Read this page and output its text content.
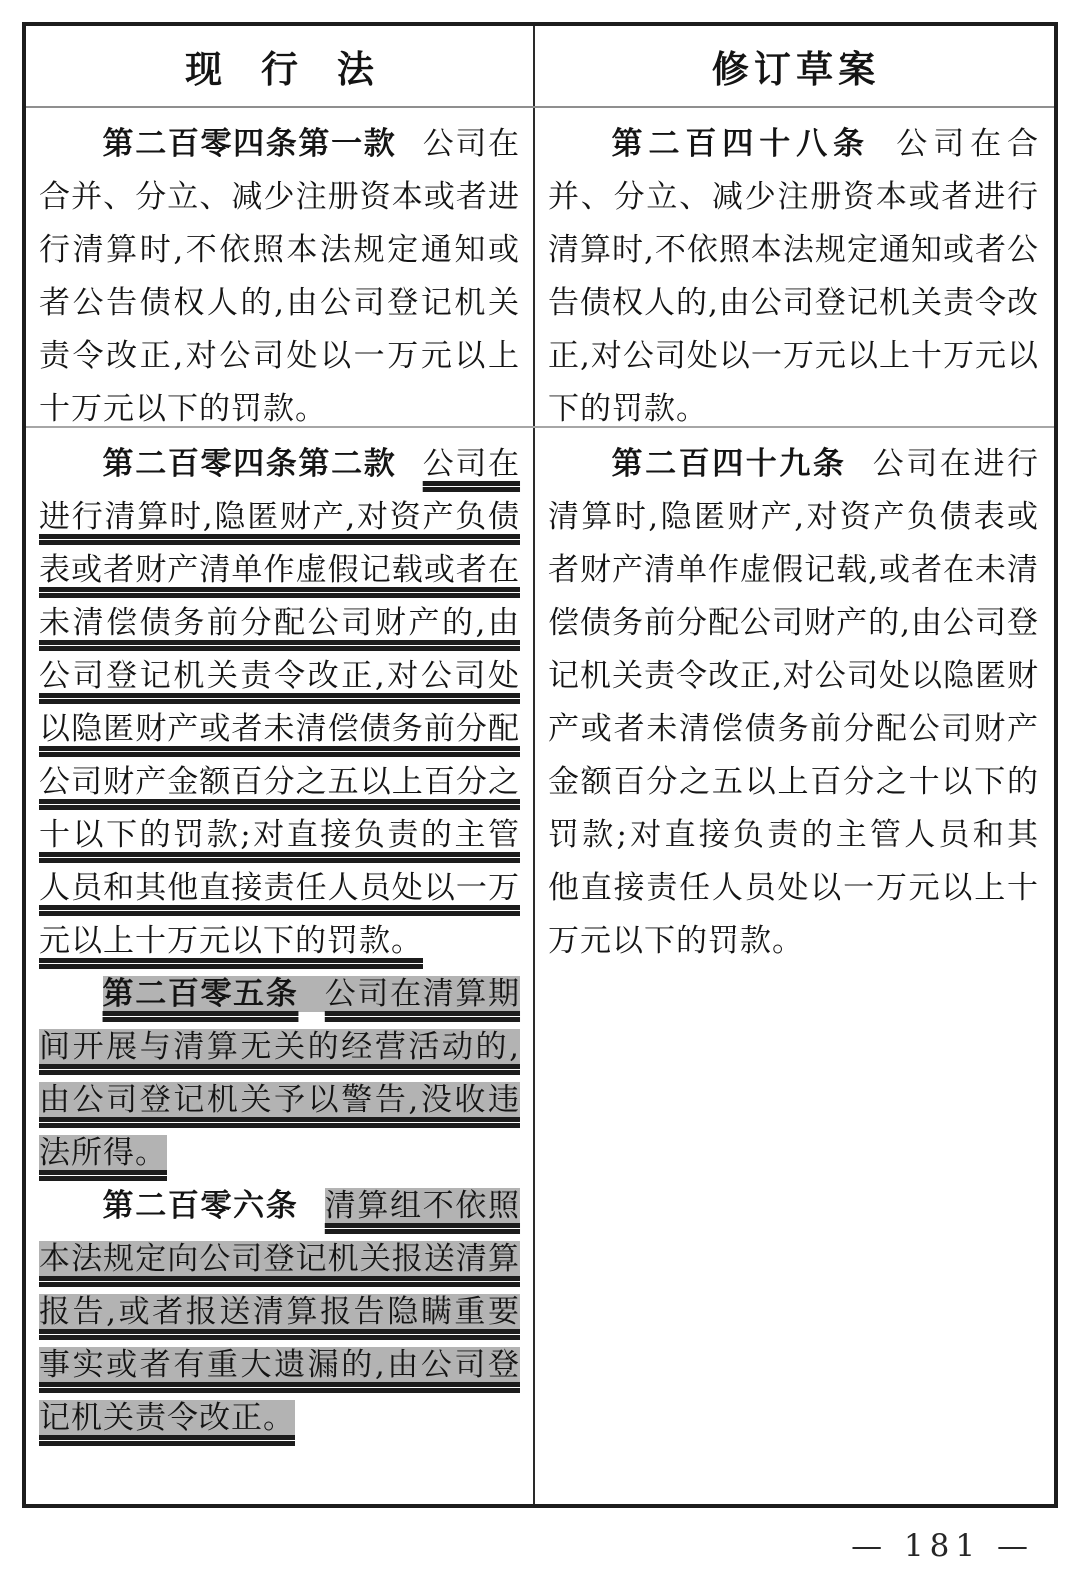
现行法	修订草案

第二百零四条第一款 公司在合并、分立、减少注册资本或者进行清算时,不依照本法规定通知或者公告债权人的,由公司登记机关责令改正,对公司处以一万元以上十万元以下的罚款。

第二百四十八条 公司在合并、分立、减少注册资本或者进行清算时,不依照本法规定通知或者公告债权人的,由公司登记机关责令改正,对公司处以一万元以上十万元以下的罚款。

第二百零四条第二款 公司在进行清算时,隐匿财产,对资产负债表或者财产清单作虚假记载或者在未清偿债务前分配公司财产的,由公司登记机关责令改正,对公司处以隐匿财产或者未清偿债务前分配公司财产金额百分之五以上百分之十以下的罚款;对直接负责的主管人员和其他直接责任人员处以一万元以上十万元以下的罚款。

第二百零五条 公司在清算期间开展与清算无关的经营活动的,由公司登记机关予以警告,没收违法所得。

第二百零六条 清算组不依照本法规定向公司登记机关报送清算报告,或者报送清算报告隐瞒重要事实或者有重大遗漏的,由公司登记机关责令改正。

第二百四十九条 公司在进行清算时,隐匿财产,对资产负债表或者财产清单作虚假记载,或者在未清偿债务前分配公司财产的,由公司登记机关责令改正,对公司处以隐匿财产或者未清偿债务前分配公司财产金额百分之五以上百分之十以下的罚款;对直接负责的主管人员和其他直接责任人员处以一万元以上十万元以下的罚款。

— 181 —
